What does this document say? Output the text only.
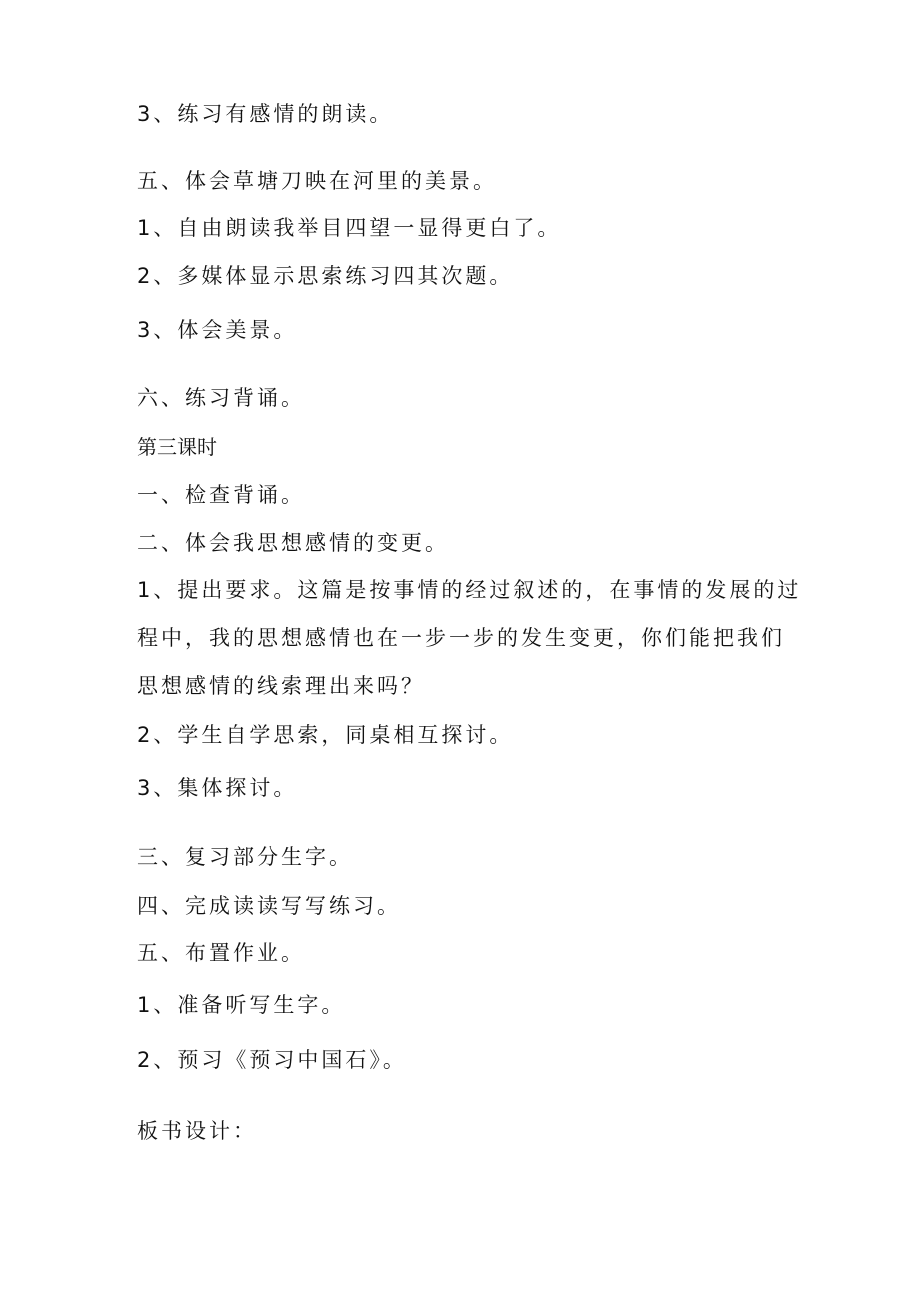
3、练习有感情的朗读。
五、体会草塘刀映在河里的美景。
1、自由朗读我举目四望一显得更白了。
2、多媒体显示思索练习四其次题。
3、体会美景。
六、练习背诵。
第三课时
一、检查背诵。
二、体会我思想感情的变更。
1、提出要求。这篇是按事情的经过叙述的，在事情的发展的过
程中，我的思想感情也在一步一步的发生变更，你们能把我们
思想感情的线索理出来吗？
2、学生自学思索，同桌相互探讨。
3、集体探讨。
三、复习部分生字。
四、完成读读写写练习。
五、布置作业。
1、准备听写生字。
2、预习《预习中国石》。
板书设计：
